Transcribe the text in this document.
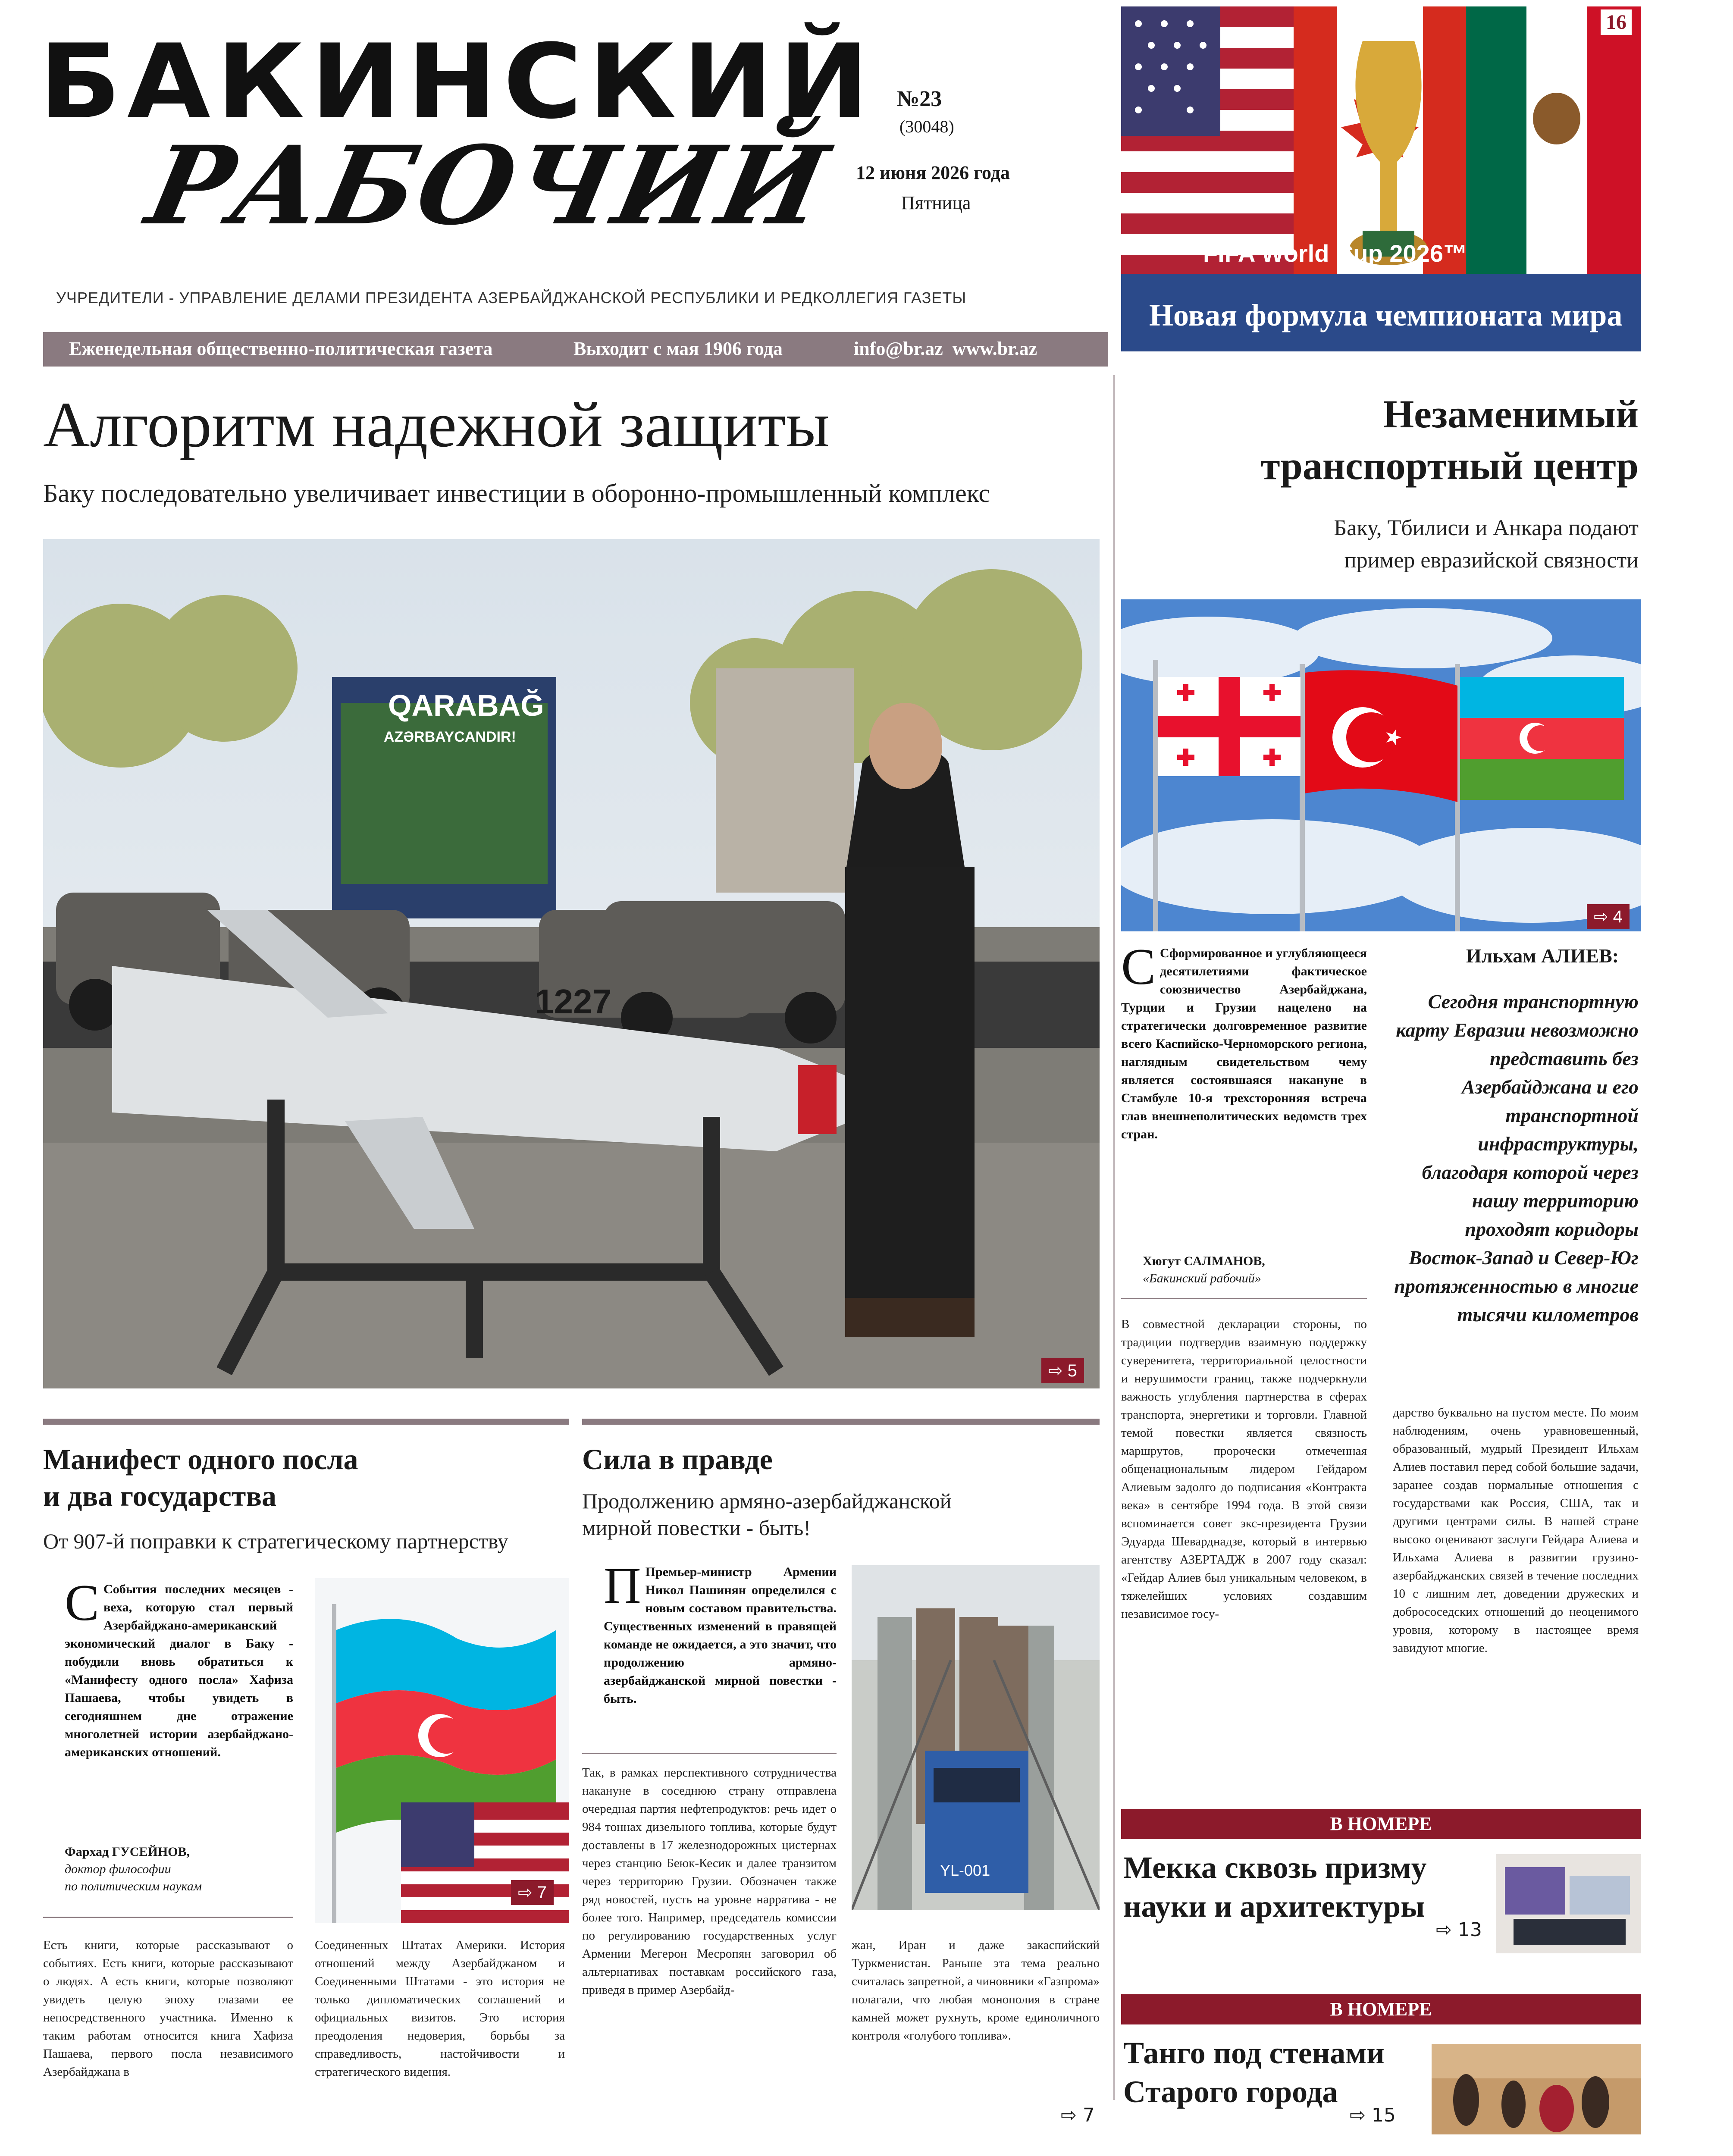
БАКИНСКИЙ
РАБОЧИЙ
№23
(30048)
12 июня 2026 года
Пятница
УЧРЕДИТЕЛИ - УПРАВЛЕНИЕ ДЕЛАМИ ПРЕЗИДЕНТА АЗЕРБАЙДЖАНСКОЙ РЕСПУБЛИКИ И РЕДКОЛЛЕГИЯ ГАЗЕТЫ
Еженедельная общественно-политическая газета	Выходит с мая 1906 года	info@br.az  www.br.az
16
FIFA World Cup 2026™
Новая формула чемпионата мира
Алгоритм надежной защиты
Баку последовательно увеличивает инвестиции в оборонно-промышленный комплекс
QARABAĞ
AZƏRBAYCANDIR!
1227
⇨ 5
Незаменимый
транспортный центр
Баку, Тбилиси и Анкара подают
пример евразийской связности
⇨ 4
С Сформированное и углубляющееся десятилетиями фактическое союзничество Азербайджана, Турции и Грузии нацелено на стратегически долговременное развитие всего Каспийско-Черноморского региона, наглядным свидетельством чему является состоявшаяся накануне в Стамбуле 10-я трехсторонняя встреча глав внешнеполитических ведомств трех стран.
Хюгут САЛМАНОВ,
«Бакинский рабочий»
Ильхам АЛИЕВ:
Сегодня транспортную карту Евразии невозможно представить без Азербайджана и его транспортной инфраструктуры, благодаря которой через нашу территорию проходят коридоры Восток-Запад и Север-Юг протяженностью в многие тысячи километров
В совместной декларации стороны, по традиции подтвердив взаимную поддержку суверенитета, территориальной целостности и нерушимости границ, также подчеркнули важность углубления партнерства в сферах транспорта, энергетики и торговли. Главной темой повестки является связность маршрутов, пророчески отмеченная общенациональным лидером Гейдаром Алиевым задолго до подписания «Контракта века» в сентябре 1994 года. В этой связи вспоминается совет экс-президента Грузии Эдуарда Шеварднадзе, который в интервью агентству АЗЕРТАДЖ в 2007 году сказал: «Гейдар Алиев был уникальным человеком, в тяжелейших условиях создавшим независимое госу-
дарство буквально на пустом месте. По моим наблюдениям, очень уравновешенный, образованный, мудрый Президент Ильхам Алиев поставил перед собой большие задачи, заранее создав нормальные отношения с государствами как Россия, США, так и другими центрами силы. В нашей стране высоко оценивают заслуги Гейдара Алиева и Ильхама Алиева в развитии грузино-азербайджанских связей в течение последних 10 с лишним лет, доведении дружеских и добрососедских отношений до неоценимого уровня, которому в настоящее время завидуют многие.
В НОМЕРЕ
Мекка сквозь призму
науки и архитектуры
⇨ 13
В НОМЕРЕ
Танго под стенами
Старого города
⇨ 15
Манифест одного посла
и два государства
От 907-й поправки к стратегическому партнерству
С События последних месяцев - веха, которую стал первый Азербайджано-американский экономический диалог в Баку - побудили вновь обратиться к «Манифесту одного посла» Хафиза Пашаева, чтобы увидеть в сегодняшнем дне отражение многолетней истории азербайджано-американских отношений.
Фархад ГУСЕЙНОВ,
доктор философии
по политическим наукам	⇨ 7
Есть книги, которые рассказывают о событиях. Есть книги, которые рассказывают о людях. А есть книги, которые позволяют увидеть целую эпоху глазами ее непосредственного участника. Именно к таким работам относится книга Хафиза Пашаева, первого посла независимого Азербайджана в
Соединенных Штатах Америки. История отношений между Азербайджаном и Соединенными Штатами - это история не только дипломатических соглашений и официальных визитов. Это история преодоления недоверия, борьбы за справедливость, настойчивости и стратегического видения.
Сила в правде
Продолжению армяно-азербайджанской мирной повестки - быть!
П Премьер-министр Армении Никол Пашинян определился с новым составом правительства. Существенных изменений в правящей команде не ожидается, а это значит, что продолжению армяно-азербайджанской мирной повестки - быть.
YL-001
Так, в рамках перспективного сотрудничества накануне в соседнюю страну отправлена очередная партия нефтепродуктов: речь идет о 984 тоннах дизельного топлива, которые будут доставлены в 17 железнодорожных цистернах через станцию Беюк-Кесик и далее транзитом через территорию Грузии. Обозначен также ряд новостей, пусть на уровне нарратива - не более того. Например, председатель комиссии по регулированию государственных услуг Армении Мегерон Месропян заговорил об альтернативах поставкам российского газа, приведя в пример Азербайд-
жан, Иран и даже закаспийский Туркменистан. Раньше эта тема реально считалась запретной, а чиновники «Газпрома» полагали, что любая монополия в стране камней может рухнуть, кроме единоличного контроля «голубого топлива».
⇨ 7
